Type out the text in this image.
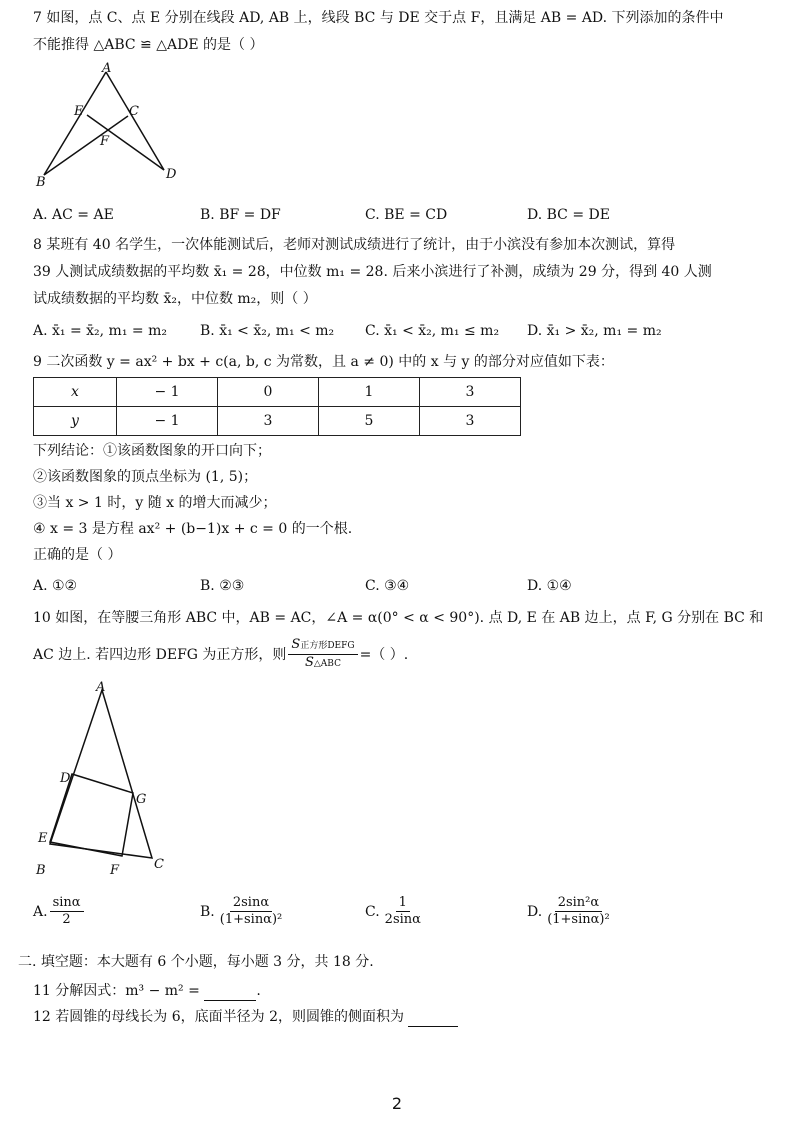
7 如图，点 C、点 E 分别在线段 AD, AB 上，线段 BC 与 DE 交于点 F，且满足 AB = AD. 下列添加的条件中
不能推得 △ABC ≌ △ADE 的是（ ）
A
E	C
F
B
D
A. AC = AE	B. BF = DF	C. BE = CD	D. BC = DE
8 某班有 40 名学生，一次体能测试后，老师对测试成绩进行了统计，由于小滨没有参加本次测试，算得
39 人测试成绩数据的平均数 x̄₁ = 28，中位数 m₁ = 28. 后来小滨进行了补测，成绩为 29 分，得到 40 人测
试成绩数据的平均数 x̄₂，中位数 m₂，则（ ）
A. x̄₁ = x̄₂, m₁ = m₂ B. x̄₁ < x̄₂, m₁ < m₂ C. x̄₁ < x̄₂, m₁ ≤ m₂ D. x̄₁ > x̄₂, m₁ = m₂
9 二次函数 y = ax² + bx + c(a, b, c 为常数，且 a ≠ 0) 中的 x 与 y 的部分对应值如下表：
x	− 1	0	1	3
y	− 1	3	5	3
下列结论：①该函数图象的开口向下；
②该函数图象的顶点坐标为 (1, 5)；
③当 x > 1 时，y 随 x 的增大而减少；
④ x = 3 是方程 ax² + (b−1)x + c = 0 的一个根.
正确的是（ ）
A. ①②	B. ②③	C. ③④	D. ①④
10 如图，在等腰三角形 ABC 中，AB = AC，∠A = α(0° < α < 90°). 点 D, E 在 AB 边上，点 F, G 分别在 BC 和
AC 边上. 若四边形 DEFG 为正方形，则 $\frac{\text{S正方形DEFG}}{\text{S△ABC}}$ =（ ）.
A
D
G
E
B	F	C
A. $\frac{\sin\alpha}{2}$	B. $\frac{2\sin\alpha}{\text{(1+sinα)²}}$	C. $\frac{1}{2\sin\alpha}$	D. $\frac{\text{2sin²α}}{\text{(1+sinα)²}}$
二. 填空题：本大题有 6 个小题，每小题 3 分，共 18 分.
11 分解因式：m³ − m² =	.
12 若圆锥的母线长为 6，底面半径为 2，则圆锥的侧面积为
2
